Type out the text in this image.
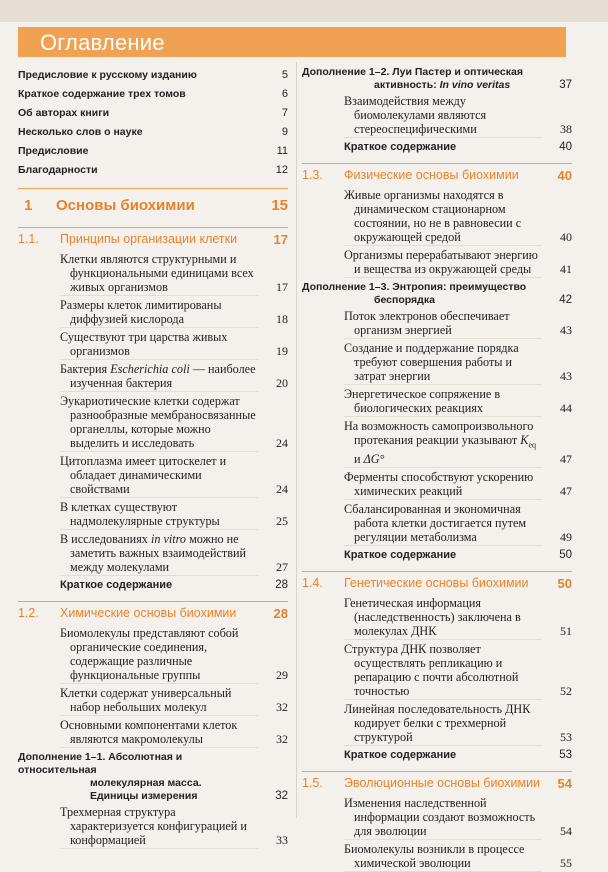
Оглавление
Предисловие к русскому изданию	5
Краткое содержание трех томов	6
Об авторах книги	7
Несколько слов о науке	9
Предисловие	11
Благодарности	12
1 Основы биохимии	15
1.1. Принципы организации клетки	17
Клетки являются структурными и функциональными единицами всех живых организмов	17
Размеры клеток лимитированы диффузией кислорода	18
Существуют три царства живых организмов	19
Бактерия Escherichia coli — наиболее изученная бактерия	20
Эукариотические клетки содержат разнообразные мембраносвязанные органеллы, которые можно выделить и исследовать	24
Цитоплазма имеет цитоскелет и обладает динамическими свойствами	24
В клетках существуют надмолекулярные структуры	25
В исследованиях in vitro можно не заметить важных взаимодействий между молекулами	27
Краткое содержание	28
1.2. Химические основы биохимии	28
Биомолекулы представляют собой органические соединения, содержащие различные функциональные группы	29
Клетки содержат универсальный набор небольших молекул	32
Основными компонентами клеток являются макромолекулы	32
Дополнение 1–1. Абсолютная и относительная
молекулярная масса.
Единицы измерения	32
Трехмерная структура характеризуется конфигурацией и конформацией	33
Дополнение 1–2. Луи Пастер и оптическая
активность: In vino veritas	37
Взаимодействия между биомолекулами являются стереоспецифическими	38
Краткое содержание	40
1.3. Физические основы биохимии	40
Живые организмы находятся в динамическом стационарном состоянии, но не в равновесии с окружающей средой	40
Организмы перерабатывают энергию и вещества из окружающей среды	41
Дополнение 1–3. Энтропия: преимущество
беспорядка	42
Поток электронов обеспечивает организм энергией	43
Создание и поддержание порядка требуют совершения работы и затрат энергии	43
Энергетическое сопряжение в биологических реакциях	44
На возможность самопроизвольного протекания реакции указывают $K_{eq}$ и ΔG°	47
Ферменты способствуют ускорению химических реакций	47
Сбалансированная и экономичная работа клетки достигается путем регуляции метаболизма	49
Краткое содержание	50
1.4. Генетические основы биохимии 50
Генетическая информация (наследственность) заключена в молекулах ДНК	51
Структура ДНК позволяет осуществлять репликацию и репарацию с почти абсолютной точностью	52
Линейная последовательность ДНК кодирует белки с трехмерной структурой	53
Краткое содержание	53
1.5. Эволюционные основы биохимии 54
Изменения наследственной информации создают возможность для эволюции	54
Биомолекулы возникли в процессе химической эволюции	55
